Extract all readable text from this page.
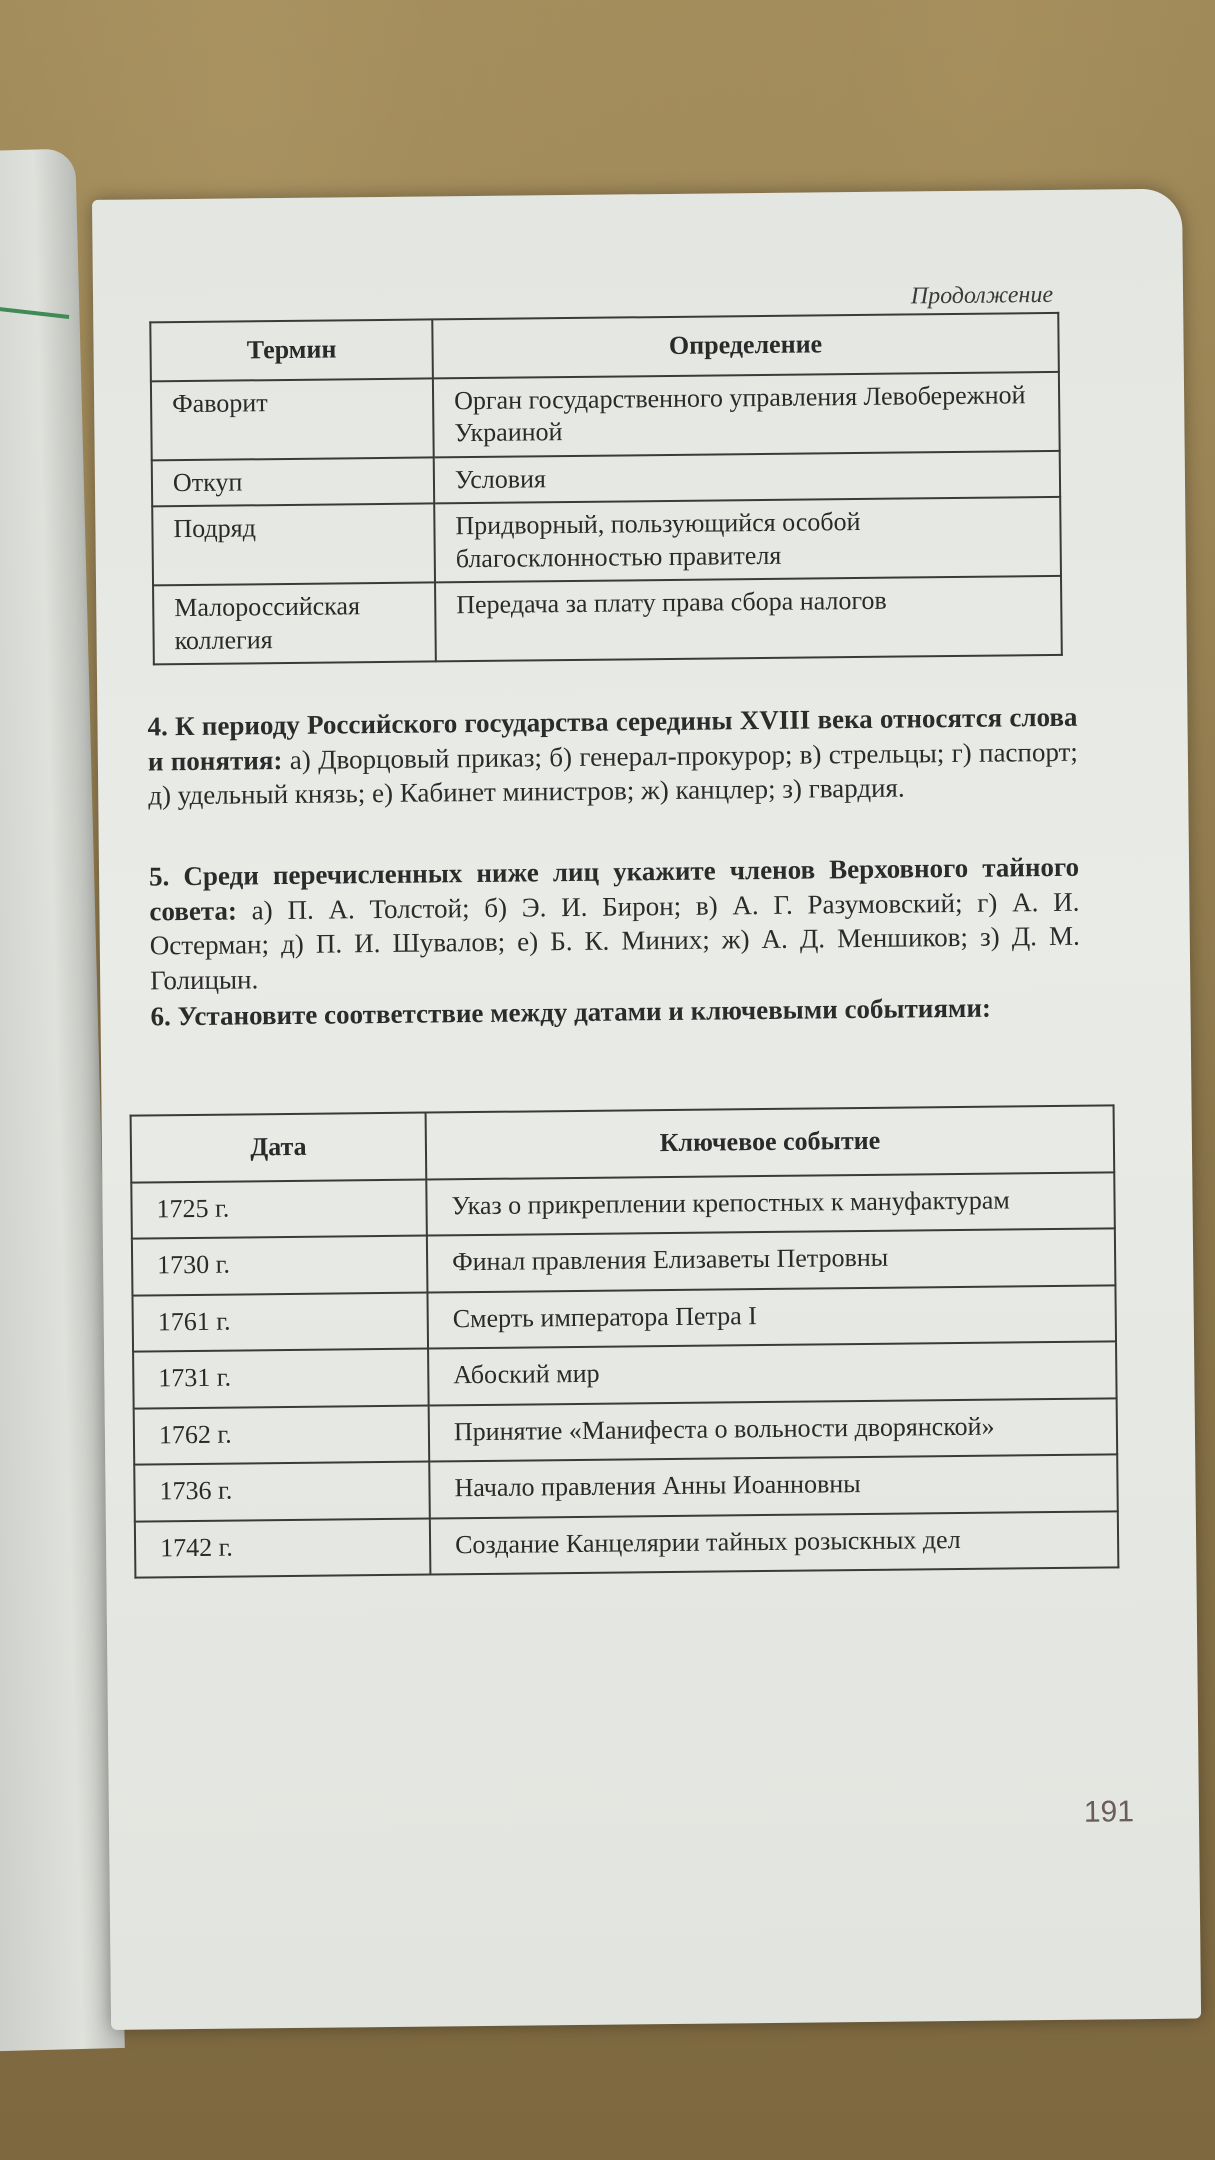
Продолжение
Термин	Определение
Фаворит	Орган государственного управления Левобережной Украиной
Откуп	Условия
Подряд	Придворный, пользующийся особой благосклонностью правителя
Малороссийская коллегия	Передача за плату права сбора налогов
4. К периоду Российского государства середины XVIII века относятся слова и понятия: а) Дворцовый приказ; б) генерал-прокурор; в) стрельцы; г) паспорт; д) удельный князь; е) Кабинет министров; ж) канцлер; з) гвардия.
5. Среди перечисленных ниже лиц укажите членов Верховного тайного совета: а) П. А. Толстой; б) Э. И. Бирон; в) А. Г. Разумовский; г) А. И. Остерман; д) П. И. Шувалов; е) Б. К. Миних; ж) А. Д. Меншиков; з) Д. М. Голицын.
6. Установите соответствие между датами и ключевыми событиями:
Дата	Ключевое событие
1725 г.	Указ о прикреплении крепостных к мануфактурам
1730 г.	Финал правления Елизаветы Петровны
1761 г.	Смерть императора Петра I
1731 г.	Абоский мир
1762 г.	Принятие «Манифеста о вольности дворянской»
1736 г.	Начало правления Анны Иоанновны
1742 г.	Создание Канцелярии тайных розыскных дел
191
